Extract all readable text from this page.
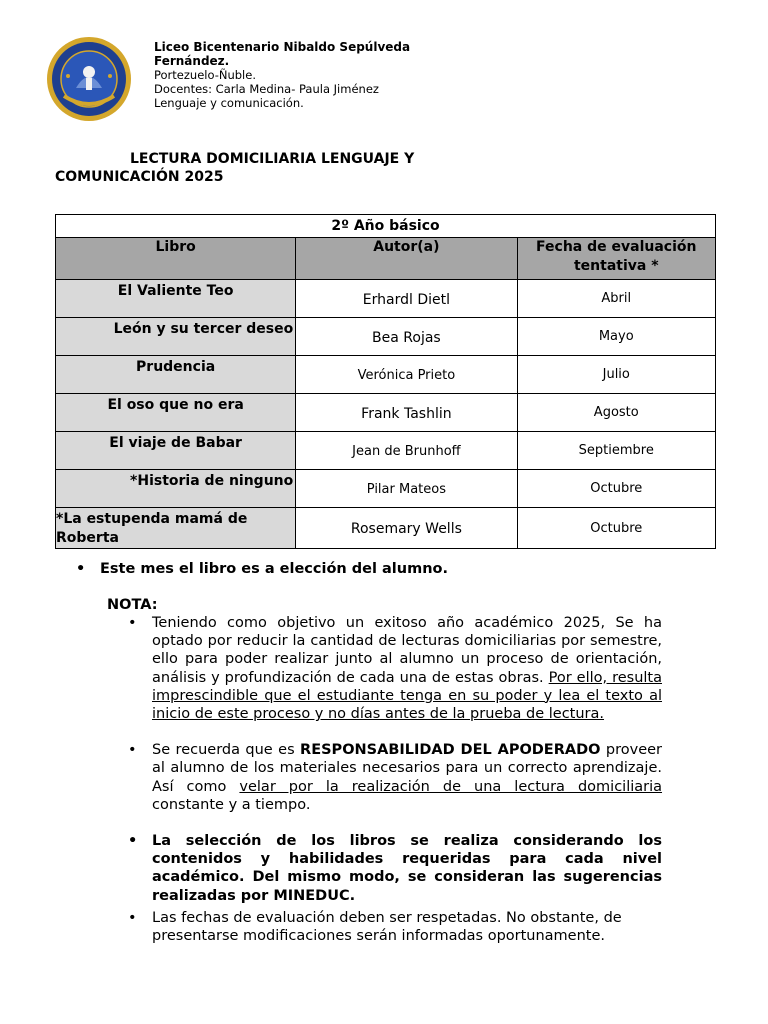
Liceo Bicentenario Nibaldo Sepúlveda Fernández.
Portezuelo-Ñuble.
Docentes: Carla Medina- Paula Jiménez
Lenguaje y comunicación.
LECTURA DOMICILIARIA LENGUAJE Y
COMUNICACIÓN 2025
2º Año básico		
Libro	Autor(a)	Fecha de evaluación tentativa *
El Valiente Teo	Erhardl Dietl	Abril
León y su tercer deseo	Bea Rojas	Mayo
Prudencia	Verónica Prieto	Julio
El oso que no era	Frank Tashlin	Agosto
El viaje de Babar	Jean de Brunhoff	Septiembre
*Historia de ninguno	Pilar Mateos	Octubre
*La estupenda mamá de Roberta	Rosemary Wells	Octubre
• Este mes el libro es a elección del alumno.
NOTA:
• Teniendo como objetivo un exitoso año académico 2025, Se ha optado por reducir la cantidad de lecturas domiciliarias por semestre, ello para poder realizar junto al alumno un proceso de orientación, análisis y profundización de cada una de estas obras. Por ello, resulta imprescindible que el estudiante tenga en su poder y lea el texto al inicio de este proceso y no días antes de la prueba de lectura.
• Se recuerda que es RESPONSABILIDAD DEL APODERADO proveer al alumno de los materiales necesarios para un correcto aprendizaje. Así como velar por la realización de una lectura domiciliaria constante y a tiempo.
• La selección de los libros se realiza considerando los contenidos y habilidades requeridas para cada nivel académico. Del mismo modo, se consideran las sugerencias realizadas por MINEDUC.
• Las fechas de evaluación deben ser respetadas. No obstante, de presentarse modificaciones serán informadas oportunamente.
